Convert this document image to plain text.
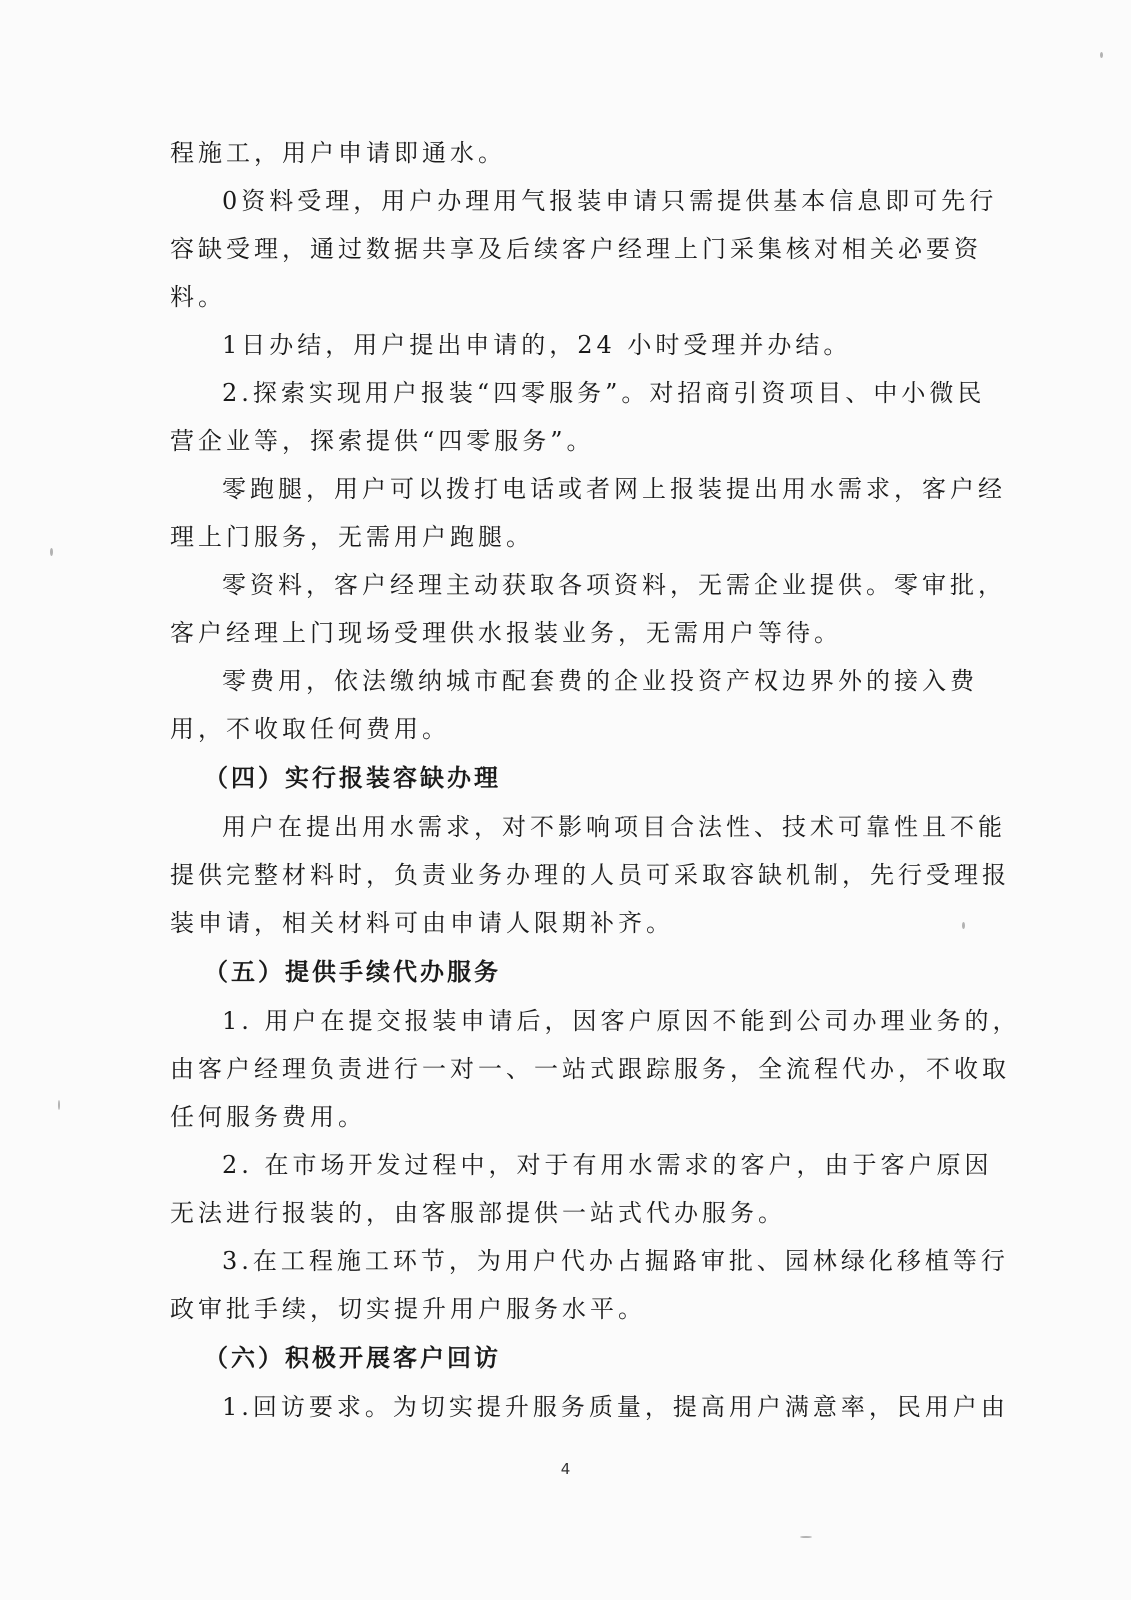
程施工，用户申请即通水。
0资料受理，用户办理用气报装申请只需提供基本信息即可先行
容缺受理，通过数据共享及后续客户经理上门采集核对相关必要资
料。
1日办结，用户提出申请的，24 小时受理并办结。
2.探索实现用户报装“四零服务”。对招商引资项目、中小微民
营企业等，探索提供“四零服务”。
零跑腿，用户可以拨打电话或者网上报装提出用水需求，客户经
理上门服务，无需用户跑腿。
零资料，客户经理主动获取各项资料，无需企业提供。零审批，
客户经理上门现场受理供水报装业务，无需用户等待。
零费用，依法缴纳城市配套费的企业投资产权边界外的接入费
用，不收取任何费用。
（四）实行报装容缺办理
用户在提出用水需求，对不影响项目合法性、技术可靠性且不能
提供完整材料时，负责业务办理的人员可采取容缺机制，先行受理报
装申请，相关材料可由申请人限期补齐。
（五）提供手续代办服务
1. 用户在提交报装申请后，因客户原因不能到公司办理业务的，
由客户经理负责进行一对一、一站式跟踪服务，全流程代办，不收取
任何服务费用。
2. 在市场开发过程中，对于有用水需求的客户，由于客户原因
无法进行报装的，由客服部提供一站式代办服务。
3.在工程施工环节，为用户代办占掘路审批、园林绿化移植等行
政审批手续，切实提升用户服务水平。
（六）积极开展客户回访
1.回访要求。为切实提升服务质量，提高用户满意率，民用户由
4
